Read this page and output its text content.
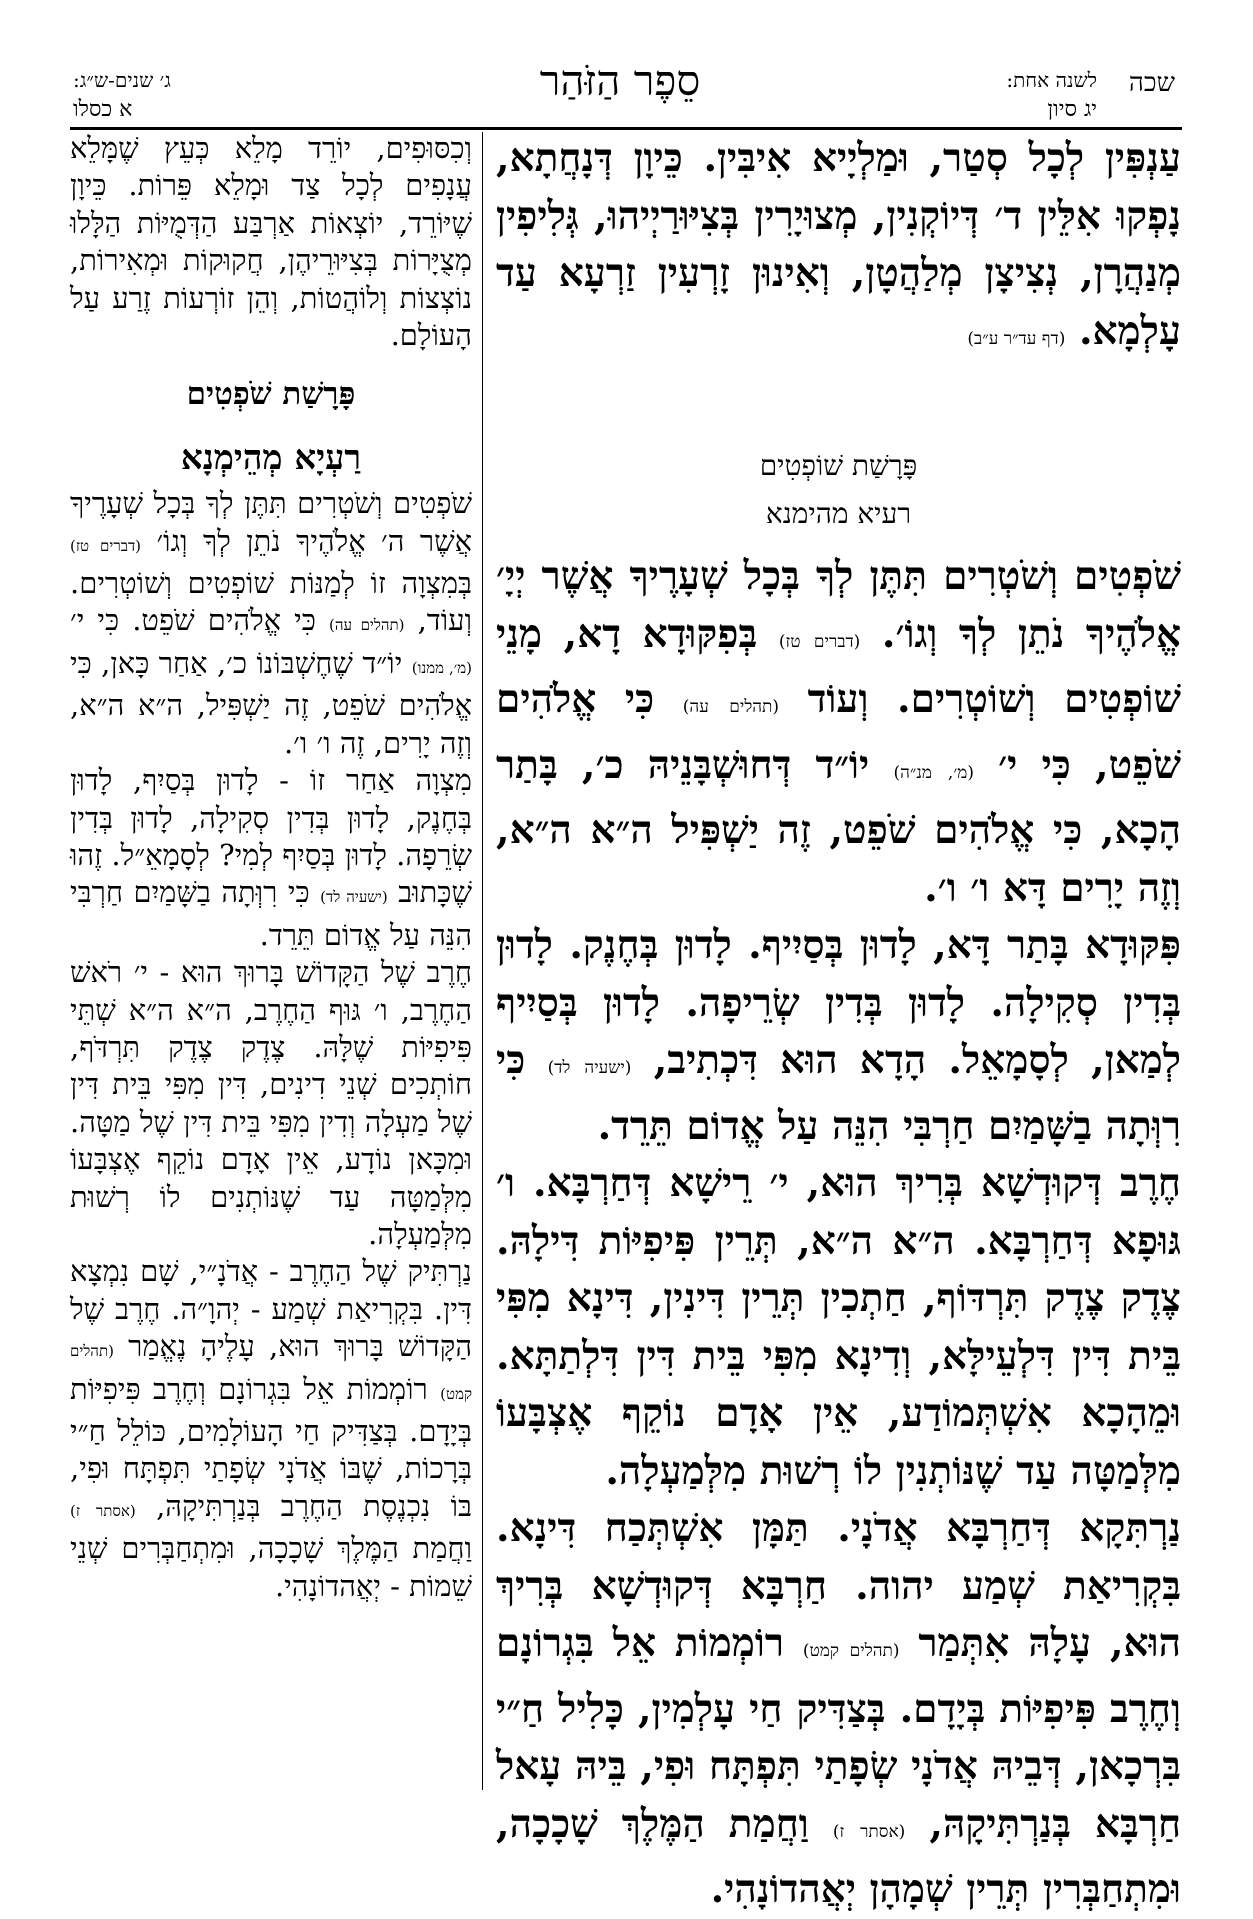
שכה
לשנה אחת:
יג סיון
סֵפֶר הַזֹּהַר
ג׳ שנים-ש״ג:
א כסלו

עַנְפִּין לְכָל סְטַר, וּמַלְיָיא אִיבִּין. כֵּיוָן דְּנָחֲתָא, נָפְקוּ אִלֵּין ד׳ דְּיוֹקְנִין, מְצוּיָרִין בְּצִיּוּרַיְיהוּ, גְּלִיפִין מְנַהֲרָן, נְצִיצָן מְלַהֲטָן, וְאִינוּן זָרְעִין זַרְעָא עַד עָלְמָא. (דף עד״ר ע״ב)

פָּרָשַׁת שׁוֹפְטִים

רעיא מהימנא

שֹׁפְטִים וְשֹׁטְרִים תִּתֶּן לְךָ בְּכָל שְׁעָרֶיךָ אֲשֶׁר יְיָ׳ אֱלֹהֶיךָ נֹתֵן לְךָ וְגוֹ׳. (דברים טז) בְּפִקּוּדָא דָא, מָנֵי שׁוֹפְטִים וְשׁוֹטְרִים. וְעוֹד (תהלים עה) כִּי אֱלֹהִים שֹׁפֵט, כִּי י׳ (מ׳, מנ״ה) יוֹ״ד דְּחוּשְׁבָּנֵיהּ כ׳, בָּתַר הָכָא, כִּי אֱלֹהִים שֹׁפֵט, זֶה יַשְׁפִּיל ה״א ה״א, וְזֶה יָרִים דָּא ו׳ ו׳.

פִּקּוּדָא בָּתַר דָּא, לָדוּן בְּסַיִיף. לָדוּן בְּחֶנֶק. לָדוּן בְּדִין סְקִילָה. לָדוּן בְּדִין שְׂרֵיפָה. לָדוּן בְּסַיִיף לְמַאן, לְסָמָאֵל. הָדָא הוּא דִּכְתִיב, (ישעיה לד) כִּי רִוְּתָה בַשָּׁמַיִם חַרְבִּי הִנֵּה עַל אֱדוֹם תֵּרֵד.

חֶרֶב דְּקוּדְשָׁא בְּרִיךְ הוּא, י׳ רֵישָׁא דְּחַרְבָּא. ו׳ גּוּפָא דְּחַרְבָּא. ה״א ה״א, תְּרֵין פִּיפִיּוֹת דִּילָהּ. צֶדֶק צֶדֶק תִּרְדּוֹף, חַתְכִין תְּרֵין דִּינִין, דִּינָא מִפִּי בֵּית דִּין דִּלְעֵילָּא, וְדִינָא מִפִּי בֵּית דִּין דִּלְתַתָּא. וּמֵהָכָא אִשְׁתְּמוֹדַע, אֵין אָדָם נוֹקֵף אֶצְבָּעוֹ מִלְּמַטָּה עַד שֶׁנּוֹתְנִין לוֹ רְשׁוּת מִלְּמַעְלָה.

נַרְתִּקָא דְּחַרְבָּא אֲדֹנָי. תַּמָּן אִשְׁתְּכַח דִּינָא. בִּקְרִיאַת שְׁמַע יהוה. חַרְבָּא דְּקוּדְשָׁא בְּרִיךְ הוּא, עָלָהּ אִתְּמַר (תהלים קמט) רוֹמְמוֹת אֵל בִּגְרוֹנָם וְחֶרֶב פִּיפִיּוֹת בְּיָדָם. בְּצַדִּיק חַי עָלְמִין, כָּלִיל חַ״י בִּרְכָאן, דְּבֵיהּ אֲדֹנָי שְׂפָתַי תִּפְתָּח וּפִי, בֵּיהּ עָאל חַרְבָּא בְּנַרְתִּיקָהּ, (אסתר ז) וַחֲמַת הַמֶּלֶךְ שָׁכָכָה, וּמִתְחַבְּרִין תְּרֵין שְׁמָהָן יְאֲהדוֹנָהִי.

וְכִסּוּפִים, יוֹרֵד מָלֵא כְּעֵץ שֶׁמָּלֵא עֲנָפִים לְכָל צַד וּמָלֵא פֵּרוֹת. כֵּיוָן שֶׁיּוֹרֵד, יוֹצְאוֹת אַרְבַּע הַדְּמֻיּוֹת הַלָּלוּ מְצֻיָּרוֹת בְּצִיּוּרֵיהֶן, חֲקוּקוֹת וּמְאִירוֹת, נוֹצְצוֹת וְלוֹהֲטוֹת, וְהֵן זוֹרְעוֹת זֶרַע עַל הָעוֹלָם.

פָּרָשַׁת שֹׁפְטִים

רַעְיָא מְהֵימְנָא

שֹׁפְטִים וְשֹׁטְרִים תִּתֶּן לְךָ בְּכָל שְׁעָרֶיךָ אֲשֶׁר ה׳ אֱלֹהֶיךָ נֹתֵן לְךָ וְגוֹ׳ (דברים טז) בְּמִצְוָה זוֹ לְמַנּוֹת שׁוֹפְטִים וְשׁוֹטְרִים. וְעוֹד, (תהלים עה) כִּי אֱלֹהִים שֹׁפֵט. כִּי י׳ (מ׳, ממנו) יוֹ״ד שֶׁחֶשְׁבּוֹנוֹ כ׳, אַחַר כָּאן, כִּי אֱלֹהִים שֹׁפֵט, זֶה יַשְׁפִּיל, ה״א ה״א, וְזֶה יָרִים, זֶה ו׳ ו׳.

מִצְוָה אַחַר זוֹ - לָדוּן בְּסַיִף, לָדוּן בְּחֶנֶק, לָדוּן בְּדִין סְקִילָה, לָדוּן בְּדִין שְׂרֵפָה. לָדוּן בְּסַיִף לְמִי? לְסָמָאֵ״ל. זֶהוּ שֶׁכָּתוּב (ישעיה לד) כִּי רִוְּתָה בַשָּׁמַיִם חַרְבִּי הִנֵּה עַל אֱדוֹם תֵּרֵד.

חֶרֶב שֶׁל הַקָּדוֹשׁ בָּרוּךְ הוּא - י׳ רֹאשׁ הַחֶרֶב, ו׳ גּוּף הַחֶרֶב, ה״א ה״א שְׁתֵּי פִּיפִיּוֹת שֶׁלָּהּ. צֶדֶק צֶדֶק תִּרְדֹּף, חוֹתְכִים שְׁנֵי דִינִים, דִּין מִפִּי בֵּית דִּין שֶׁל מַעְלָה וְדִין מִפִּי בֵּית דִּין שֶׁל מַטָּה. וּמִכָּאן נוֹדָע, אֵין אָדָם נוֹקֵף אֶצְבָּעוֹ מִלְּמַטָּה עַד שֶׁנּוֹתְנִים לוֹ רְשׁוּת מִלְּמַעְלָה.

נַרְתִּיק שֶׁל הַחֶרֶב - אֲדֹנָ״י, שָׁם נִמְצָא דִּין. בִּקְרִיאַת שְׁמַע - יְהוָ״ה. חֶרֶב שֶׁל הַקָּדוֹשׁ בָּרוּךְ הוּא, עָלֶיהָ נֶאֱמַר (תהלים קמט) רוֹמְמוֹת אֵל בִּגְרוֹנָם וְחֶרֶב פִּיפִיּוֹת בְּיָדָם. בְּצַדִּיק חַי הָעוֹלָמִים, כּוֹלֵל חַ״י בְּרָכוֹת, שֶׁבּוֹ אֲדֹנָי שְׂפָתַי תִּפְתָּח וּפִי, בּוֹ נִכְנֶסֶת הַחֶרֶב בְּנַרְתִּיקָהּ, (אסתר ז) וַחֲמַת הַמֶּלֶךְ שָׁכָכָה, וּמִתְחַבְּרִים שְׁנֵי שֵׁמוֹת - יְאֲהדוֹנָהִי.
